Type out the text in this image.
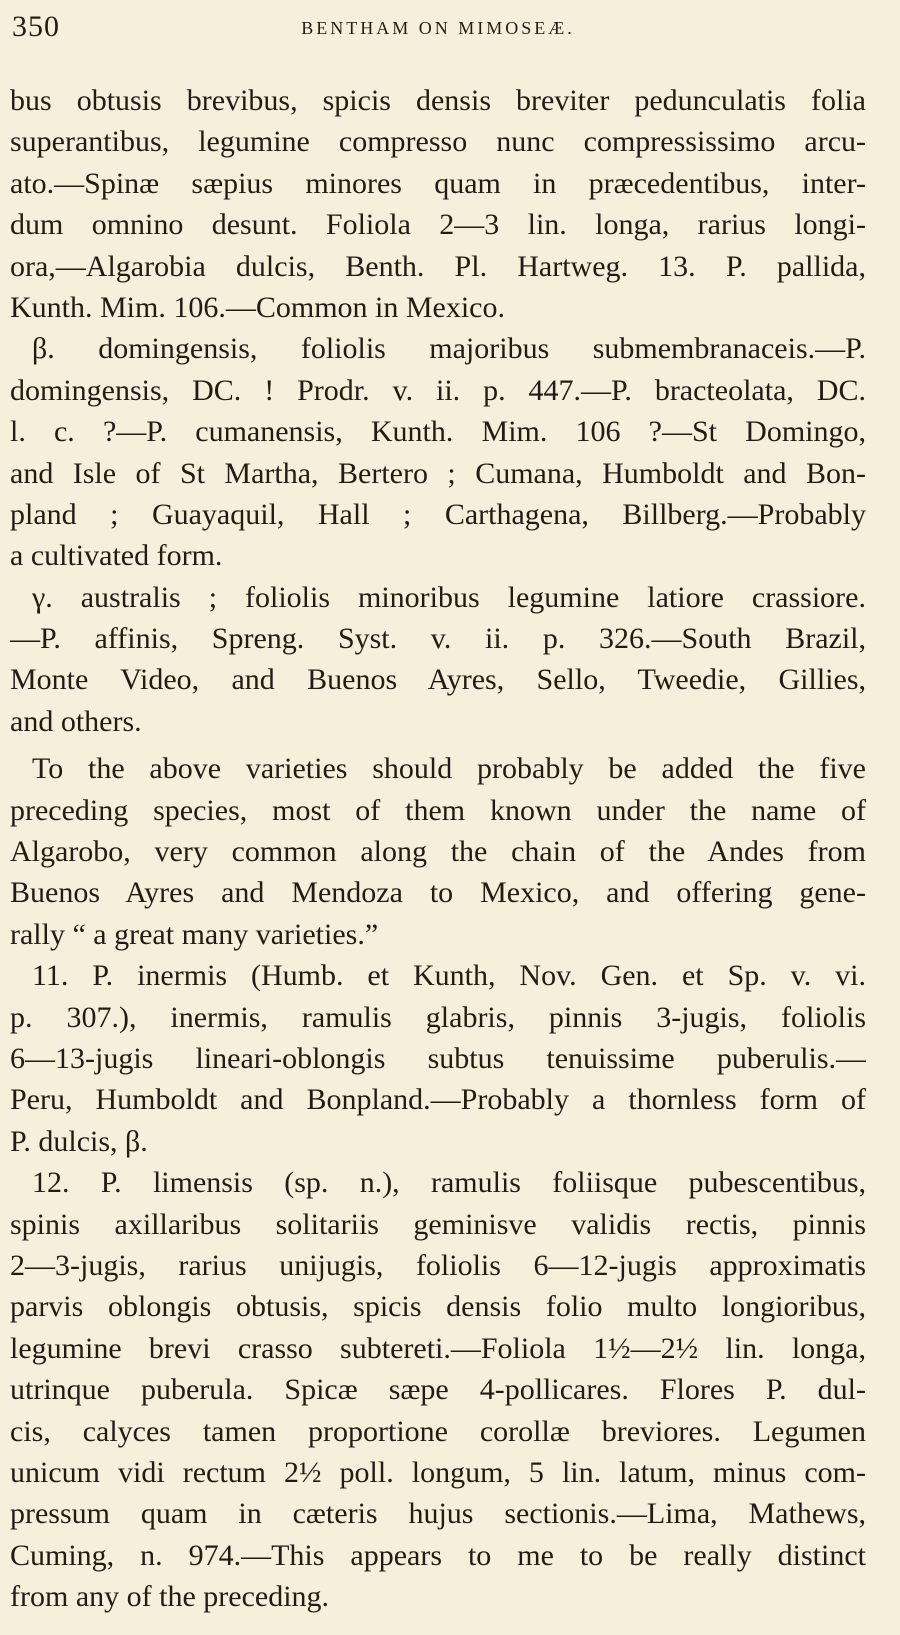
350	BENTHAM ON MIMOSEÆ.
bus obtusis brevibus, spicis densis breviter pedunculatis folia
superantibus, legumine compresso nunc compressissimo arcu-
ato.—Spinæ sæpius minores quam in præcedentibus, inter-
dum omnino desunt. Foliola 2—3 lin. longa, rarius longi-
ora,—Algarobia dulcis, Benth. Pl. Hartweg. 13. P. pallida,
Kunth. Mim. 106.—Common in Mexico.
β. domingensis, foliolis majoribus submembranaceis.—P.
domingensis, DC. ! Prodr. v. ii. p. 447.—P. bracteolata, DC.
l. c. ?—P. cumanensis, Kunth. Mim. 106 ?—St Domingo,
and Isle of St Martha, Bertero ; Cumana, Humboldt and Bon-
pland ; Guayaquil, Hall ; Carthagena, Billberg.—Probably
a cultivated form.
γ. australis ; foliolis minoribus legumine latiore crassiore.
—P. affinis, Spreng. Syst. v. ii. p. 326.—South Brazil,
Monte Video, and Buenos Ayres, Sello, Tweedie, Gillies,
and others.
To the above varieties should probably be added the five
preceding species, most of them known under the name of
Algarobo, very common along the chain of the Andes from
Buenos Ayres and Mendoza to Mexico, and offering gene-
rally “ a great many varieties.”
11. P. inermis (Humb. et Kunth, Nov. Gen. et Sp. v. vi.
p. 307.), inermis, ramulis glabris, pinnis 3-jugis, foliolis
6—13-jugis lineari-oblongis subtus tenuissime puberulis.—
Peru, Humboldt and Bonpland.—Probably a thornless form of
P. dulcis, β.
12. P. limensis (sp. n.), ramulis foliisque pubescentibus,
spinis axillaribus solitariis geminisve validis rectis, pinnis
2—3-jugis, rarius unijugis, foliolis 6—12-jugis approximatis
parvis oblongis obtusis, spicis densis folio multo longioribus,
legumine brevi crasso subtereti.—Foliola 1½—2½ lin. longa,
utrinque puberula. Spicæ sæpe 4-pollicares. Flores P. dul-
cis, calyces tamen proportione corollæ breviores. Legumen
unicum vidi rectum 2½ poll. longum, 5 lin. latum, minus com-
pressum quam in cæteris hujus sectionis.—Lima, Mathews,
Cuming, n. 974.—This appears to me to be really distinct
from any of the preceding.
